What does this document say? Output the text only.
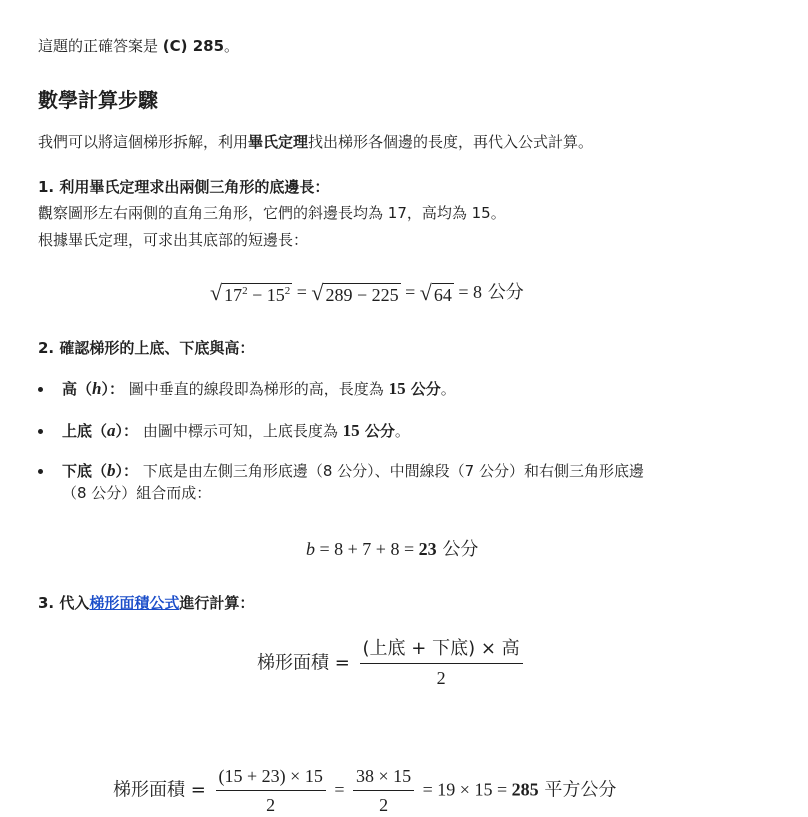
這題的正確答案是 (C) 285。
數學計算步驟
我們可以將這個梯形拆解，利用畢氏定理找出梯形各個邊的長度，再代入公式計算。
1. 利用畢氏定理求出兩側三角形的底邊長：
觀察圖形左右兩側的直角三角形，它們的斜邊長均為 17，高均為 15。
根據畢氏定理，可求出其底部的短邊長：
√ $17^2 - 15^2$ = √ 289 − 225 = √ 64 = 8 公分
2. 確認梯形的上底、下底與高：
高（h）： 圖中垂直的線段即為梯形的高，長度為 15 公分。
上底（a）： 由圖中標示可知，上底長度為 15 公分。
下底（b）： 下底是由左側三角形底邊（8 公分）、中間線段（7 公分）和右側三角形底邊
（8 公分）組合而成：
b = 8 + 7 + 8 = 23 公分
3. 代入梯形面積公式進行計算：
梯形面積 = $\frac{\text{(上底 + 下底) × 高}}{2}$
梯形面積 = $\frac{(15 + 23) \times 15}{2} = \frac{38 \times 15}{2} = 19 \times 15 = 285$ 平方公分
